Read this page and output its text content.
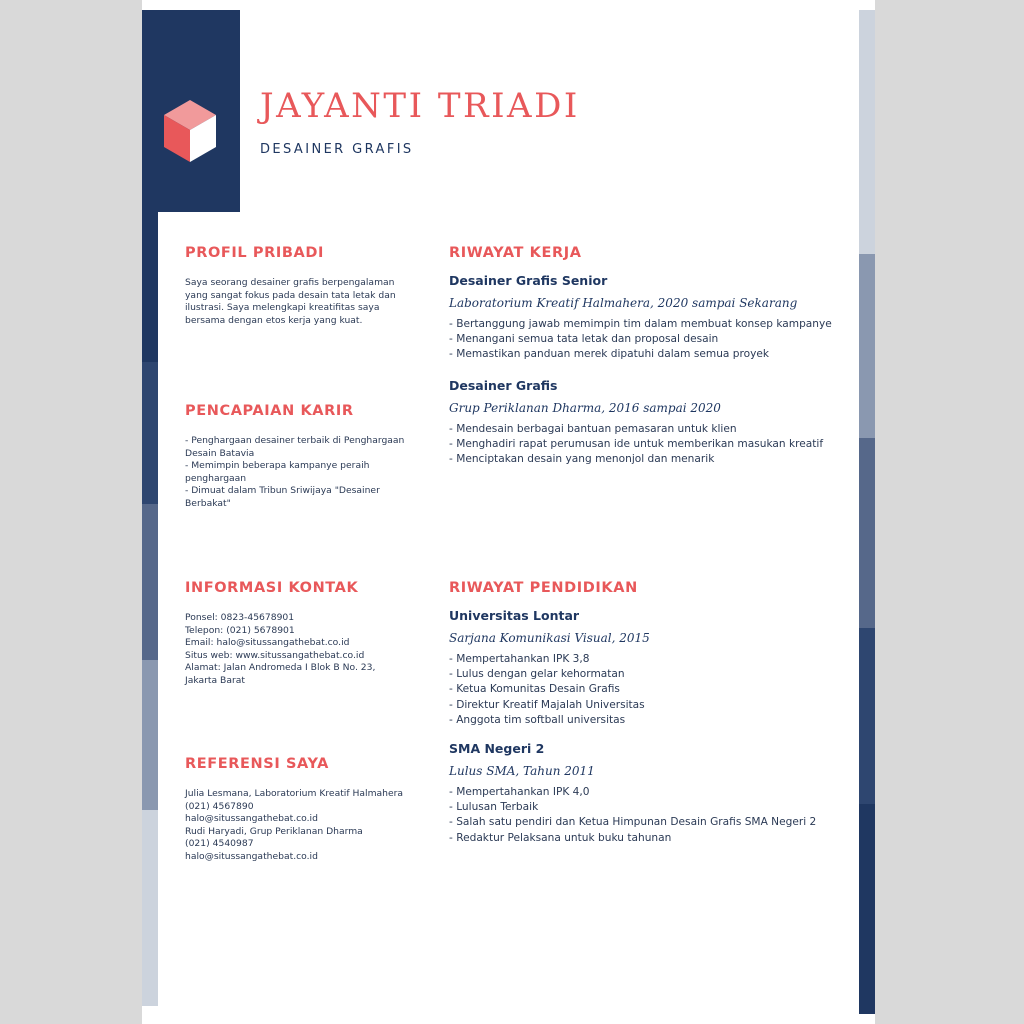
JAYANTI TRIADI
DESAINER GRAFIS
PROFIL PRIBADI
Saya seorang desainer grafis berpengalaman
yang sangat fokus pada desain tata letak dan
ilustrasi. Saya melengkapi kreatifitas saya
bersama dengan etos kerja yang kuat.
PENCAPAIAN KARIR
- Penghargaan desainer terbaik di Penghargaan
Desain Batavia
- Memimpin beberapa kampanye peraih
penghargaan
- Dimuat dalam Tribun Sriwijaya "Desainer
Berbakat"
INFORMASI KONTAK
Ponsel: 0823-45678901
Telepon: (021) 5678901
Email: halo@situssangathebat.co.id
Situs web: www.situssangathebat.co.id
Alamat: Jalan Andromeda I Blok B No. 23,
Jakarta Barat
REFERENSI SAYA
Julia Lesmana, Laboratorium Kreatif Halmahera
(021) 4567890
halo@situssangathebat.co.id
Rudi Haryadi, Grup Periklanan Dharma
(021) 4540987
halo@situssangathebat.co.id
RIWAYAT KERJA
Desainer Grafis Senior
Laboratorium Kreatif Halmahera, 2020 sampai Sekarang
- Bertanggung jawab memimpin tim dalam membuat konsep kampanye
- Menangani semua tata letak dan proposal desain
- Memastikan panduan merek dipatuhi dalam semua proyek
Desainer Grafis
Grup Periklanan Dharma, 2016 sampai 2020
- Mendesain berbagai bantuan pemasaran untuk klien
- Menghadiri rapat perumusan ide untuk memberikan masukan kreatif
- Menciptakan desain yang menonjol dan menarik
RIWAYAT PENDIDIKAN
Universitas Lontar
Sarjana Komunikasi Visual, 2015
- Mempertahankan IPK 3,8
- Lulus dengan gelar kehormatan
- Ketua Komunitas Desain Grafis
- Direktur Kreatif Majalah Universitas
- Anggota tim softball universitas
SMA Negeri 2
Lulus SMA, Tahun 2011
- Mempertahankan IPK 4,0
- Lulusan Terbaik
- Salah satu pendiri dan Ketua Himpunan Desain Grafis SMA Negeri 2
- Redaktur Pelaksana untuk buku tahunan
